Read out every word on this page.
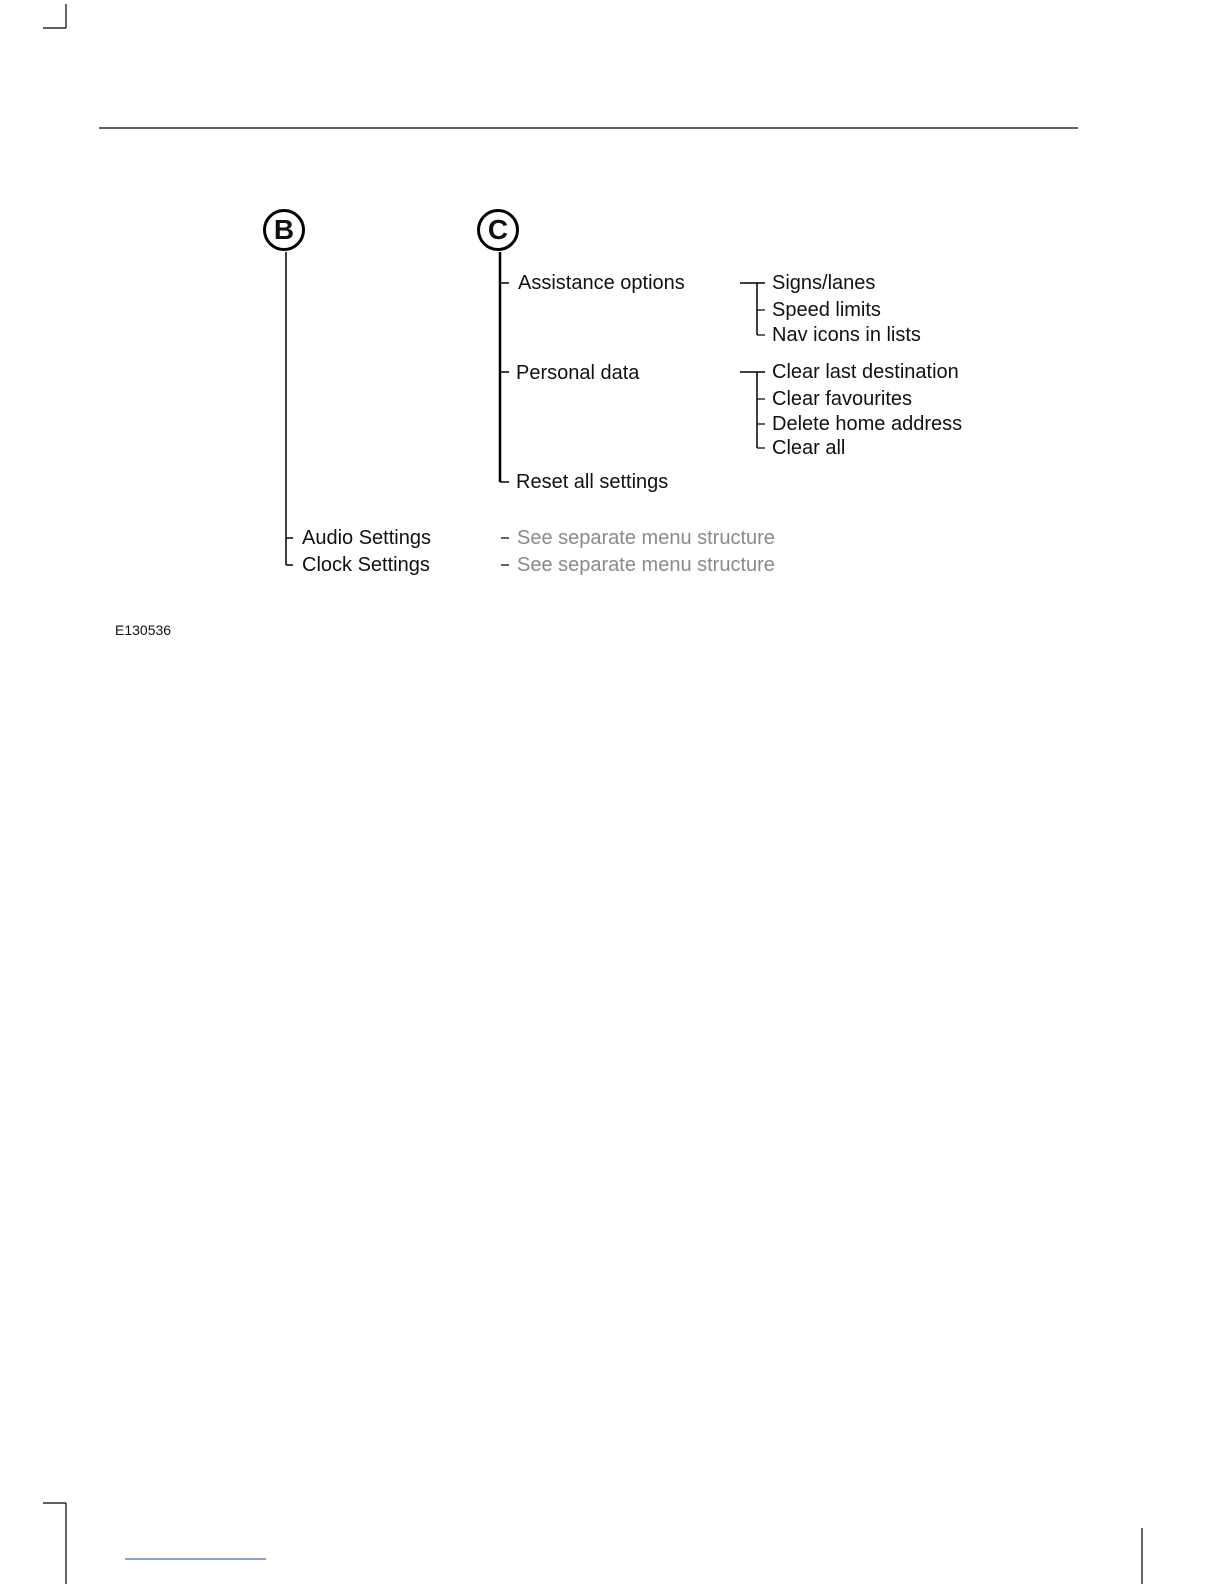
B	C
Assistance options	Signs/lanes
Speed limits
Nav icons in lists
Personal data	Clear last destination
Clear favourites
Delete home address
Clear all
Reset all settings
Audio Settings	See separate menu structure
Clock Settings	See separate menu structure
E130536
